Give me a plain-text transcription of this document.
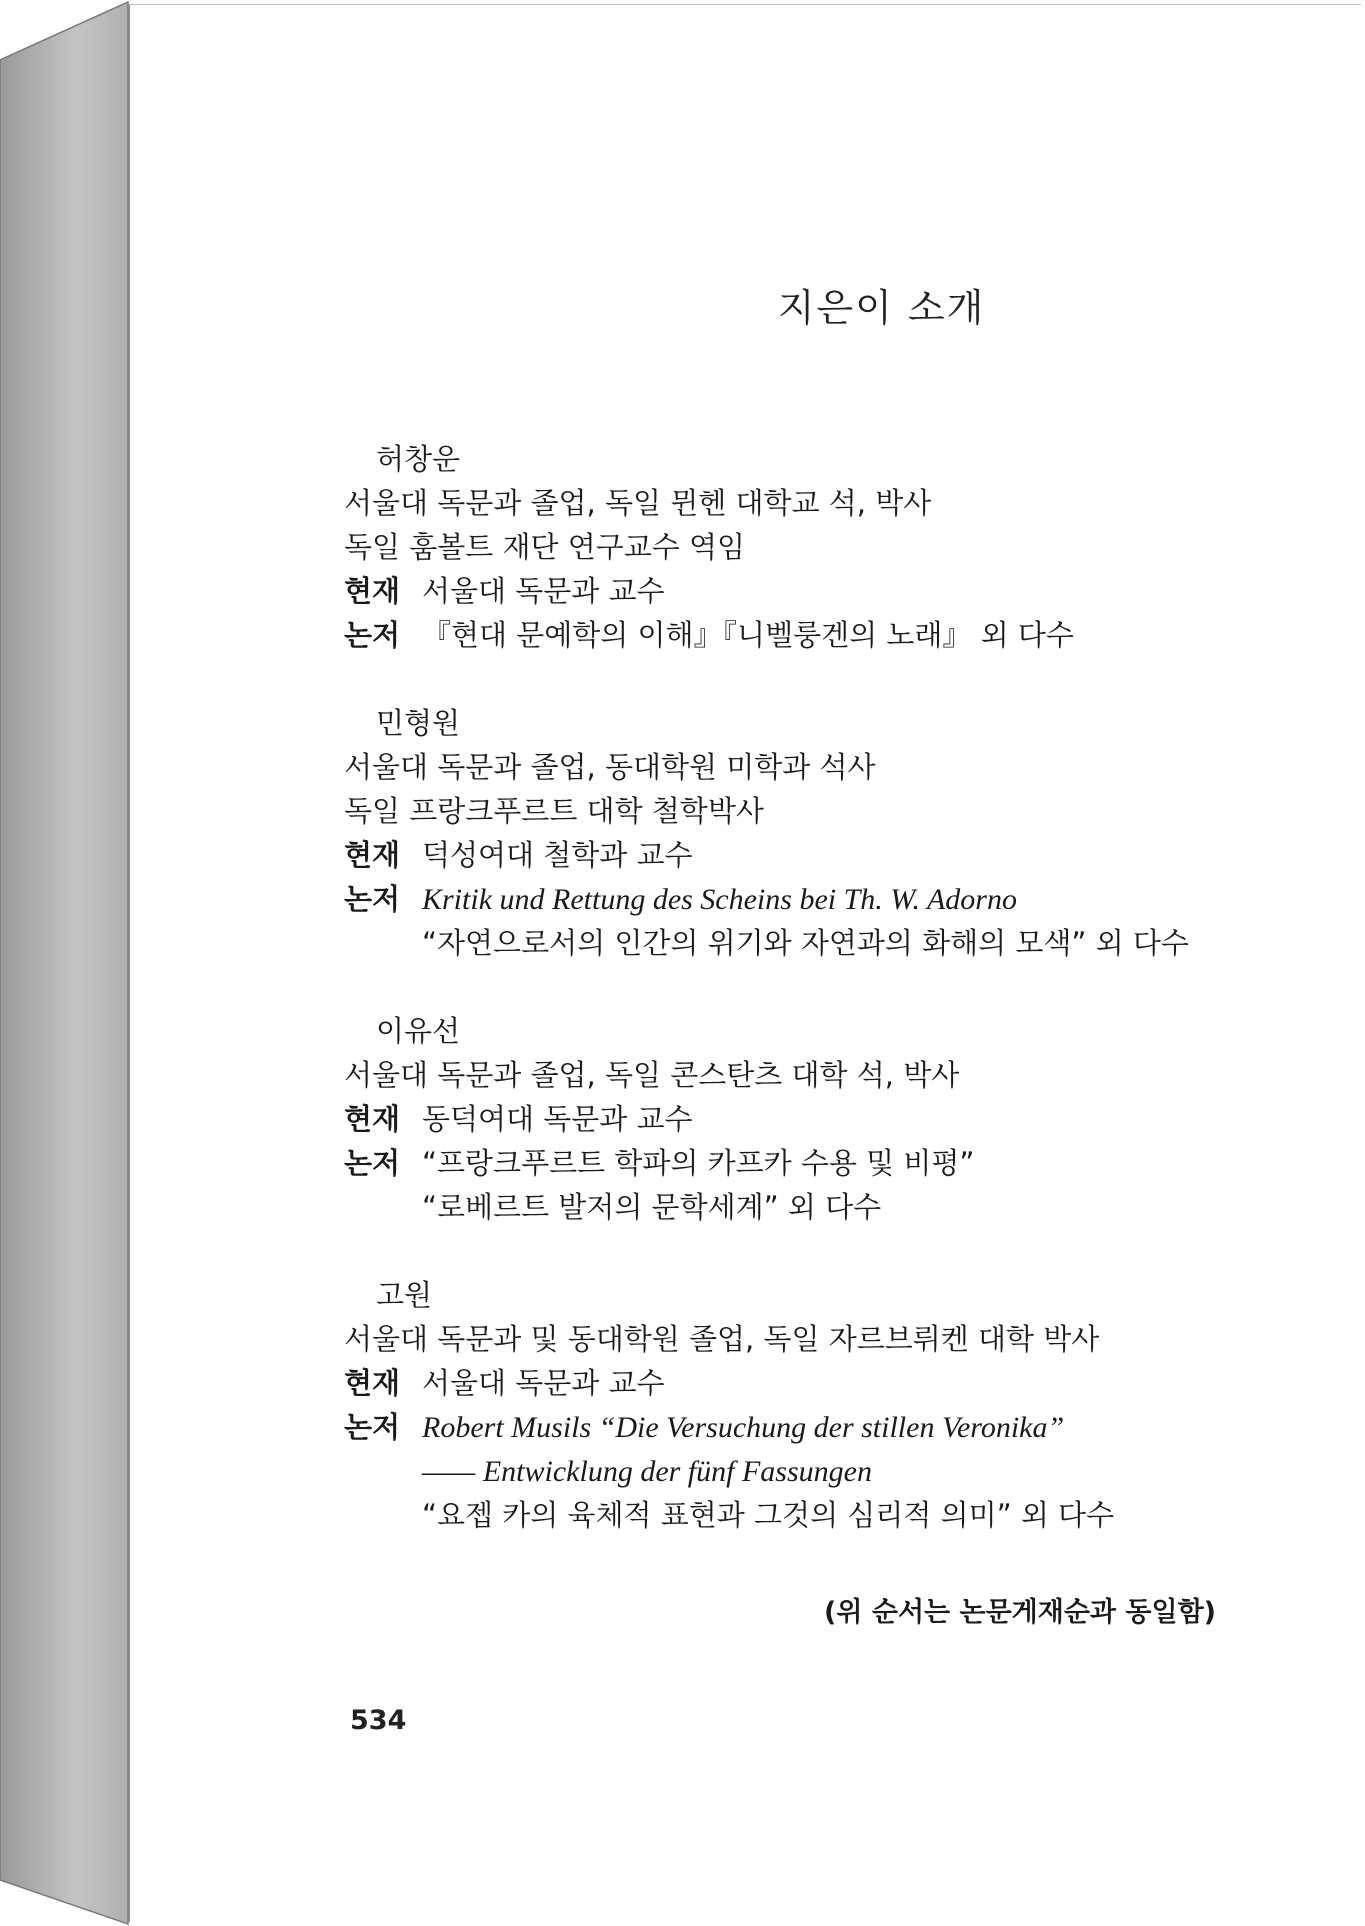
지은이 소개
허창운
서울대 독문과 졸업, 독일 뮌헨 대학교 석, 박사
독일 훔볼트 재단 연구교수 역임
현재 서울대 독문과 교수
논저 『현대 문예학의 이해』『니벨룽겐의 노래』 외 다수
민형원
서울대 독문과 졸업, 동대학원 미학과 석사
독일 프랑크푸르트 대학 철학박사
현재 덕성여대 철학과 교수
논저 Kritik und Rettung des Scheins bei Th. W. Adorno
“자연으로서의 인간의 위기와 자연과의 화해의 모색” 외 다수
이유선
서울대 독문과 졸업, 독일 콘스탄츠 대학 석, 박사
현재 동덕여대 독문과 교수
논저 “프랑크푸르트 학파의 카프카 수용 및 비평”
“로베르트 발저의 문학세계” 외 다수
고원
서울대 독문과 및 동대학원 졸업, 독일 자르브뤼켄 대학 박사
현재 서울대 독문과 교수
논저 Robert Musils “Die Versuchung der stillen Veronika”
—— Entwicklung der fünf Fassungen
“요젭 카의 육체적 표현과 그것의 심리적 의미” 외 다수
(위 순서는 논문게재순과 동일함)
534
